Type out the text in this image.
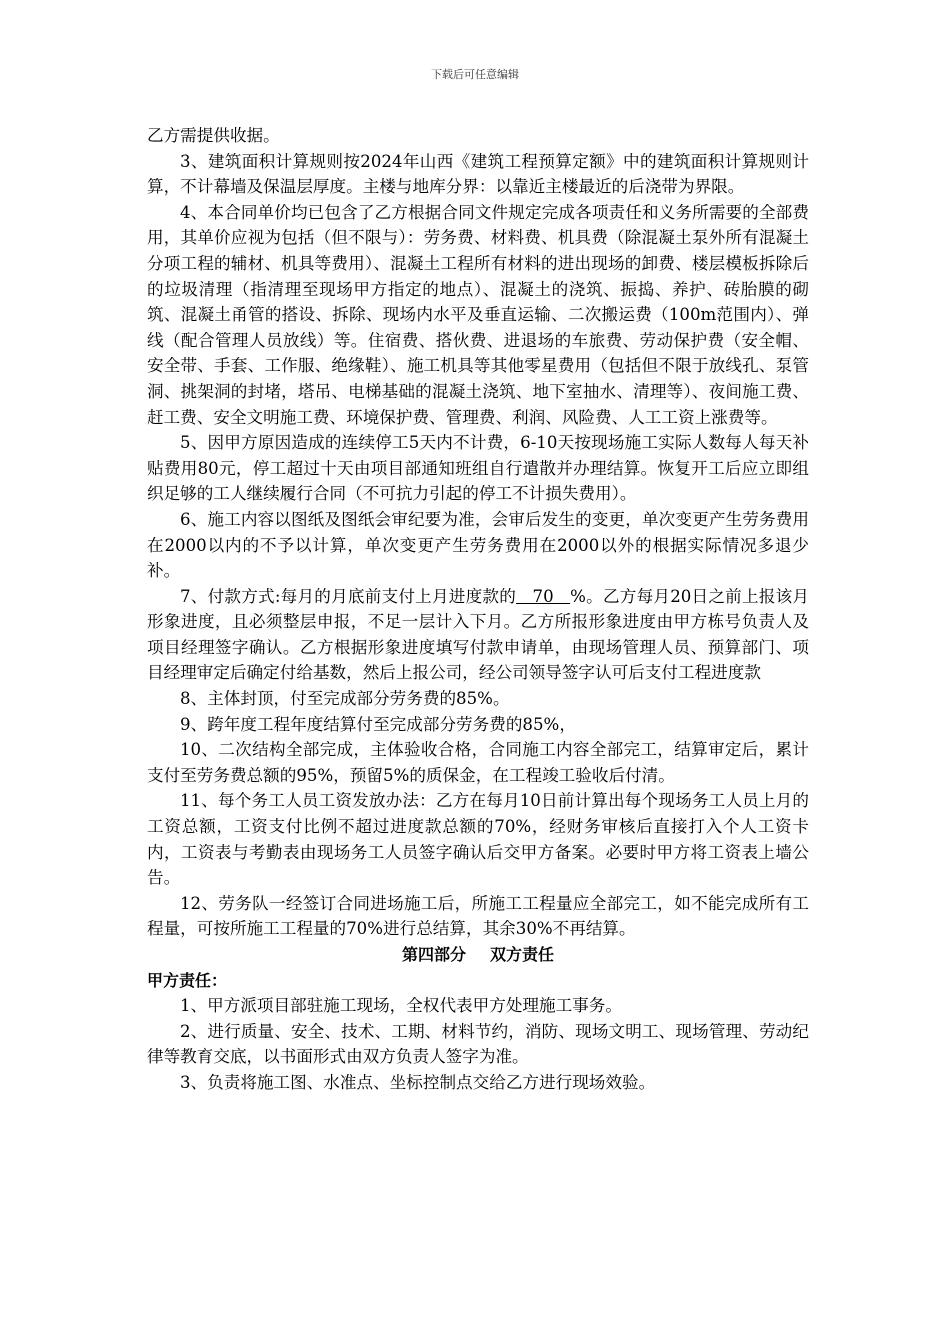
下载后可任意编辑

乙方需提供收据。

3、建筑面积计算规则按2024年山西《建筑工程预算定额》中的建筑面积计算规则计算，不计幕墙及保温层厚度。主楼与地库分界：以靠近主楼最近的后浇带为界限。

4、本合同单价均已包含了乙方根据合同文件规定完成各项责任和义务所需要的全部费用，其单价应视为包括（但不限与）：劳务费、材料费、机具费（除混凝土泵外所有混凝土分项工程的辅材、机具等费用）、混凝土工程所有材料的进出现场的卸费、楼层模板拆除后的垃圾清理（指清理至现场甲方指定的地点）、混凝土的浇筑、振捣、养护、砖胎膜的砌筑、混凝土甬管的搭设、拆除、现场内水平及垂直运输、二次搬运费（100m范围内）、弹线（配合管理人员放线）等。住宿费、搭伙费、进退场的车旅费、劳动保护费（安全帽、安全带、手套、工作服、绝缘鞋）、施工机具等其他零星费用（包括但不限于放线孔、泵管洞、挑架洞的封堵，塔吊、电梯基础的混凝土浇筑、地下室抽水、清理等）、夜间施工费、赶工费、安全文明施工费、环境保护费、管理费、利润、风险费、人工工资上涨费等。

5、因甲方原因造成的连续停工5天内不计费，6-10天按现场施工实际人数每人每天补贴费用80元，停工超过十天由项目部通知班组自行遣散并办理结算。恢复开工后应立即组织足够的工人继续履行合同（不可抗力引起的停工不计损失费用）。

6、施工内容以图纸及图纸会审纪要为准，会审后发生的变更，单次变更产生劳务费用在2000以内的不予以计算，单次变更产生劳务费用在2000以外的根据实际情况多退少补。

7、付款方式:每月的月底前支付上月进度款的   70   %。乙方每月20日之前上报该月形象进度，且必须整层申报，不足一层计入下月。乙方所报形象进度由甲方栋号负责人及项目经理签字确认。乙方根据形象进度填写付款申请单，由现场管理人员、预算部门、项目经理审定后确定付给基数，然后上报公司，经公司领导签字认可后支付工程进度款

8、主体封顶，付至完成部分劳务费的85%。

9、跨年度工程年度结算付至完成部分劳务费的85%，

10、二次结构全部完成，主体验收合格，合同施工内容全部完工，结算审定后，累计支付至劳务费总额的95%，预留5%的质保金，在工程竣工验收后付清。

11、每个务工人员工资发放办法：乙方在每月10日前计算出每个现场务工人员上月的工资总额，工资支付比例不超过进度款总额的70%，经财务审核后直接打入个人工资卡内，工资表与考勤表由现场务工人员签字确认后交甲方备案。必要时甲方将工资表上墙公告。

12、劳务队一经签订合同进场施工后，所施工工程量应全部完工，如不能完成所有工程量，可按所施工工程量的70%进行总结算，其余30%不再结算。

第四部分 双方责任

甲方责任：

1、甲方派项目部驻施工现场，全权代表甲方处理施工事务。

2、进行质量、安全、技术、工期、材料节约，消防、现场文明工、现场管理、劳动纪律等教育交底，以书面形式由双方负责人签字为准。

3、负责将施工图、水准点、坐标控制点交给乙方进行现场效验。
